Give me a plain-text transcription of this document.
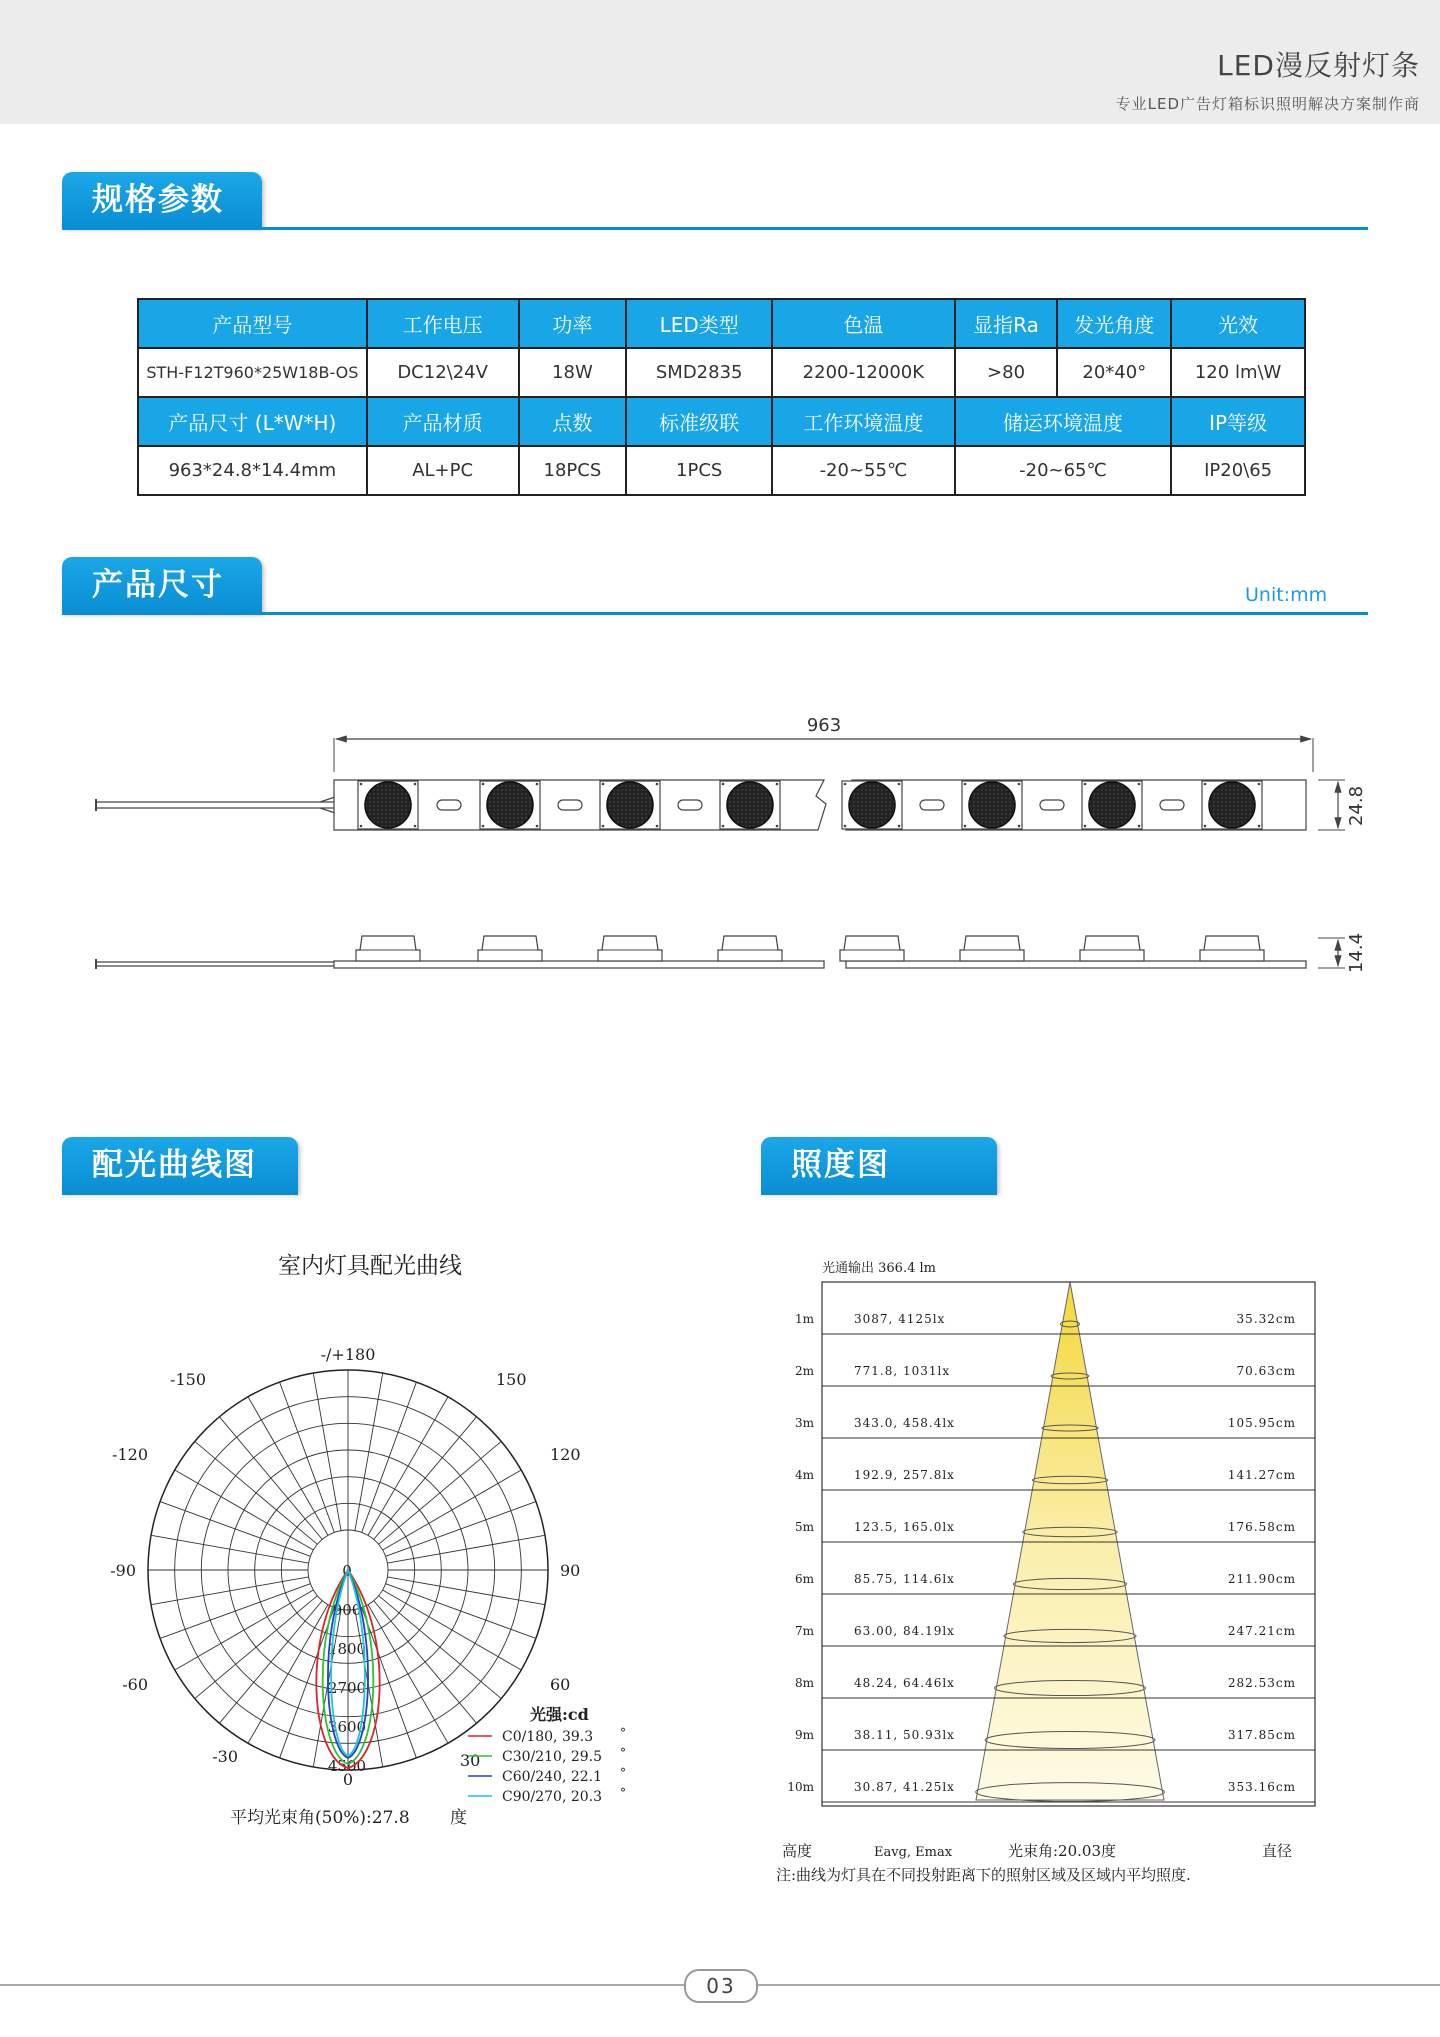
LED漫反射灯条
专业LED广告灯箱标识照明解决方案制作商
规格参数
产品型号	工作电压	功率	LED类型	色温	显指Ra	发光角度	光效
STH-F12T960*25W18B-OS	DC12\24V	18W	SMD2835	2200-12000K	>80	20*40°	120 lm\W
产品尺寸 (L*W*H)	产品材质	点数	标准级联	工作环境温度	储运环境温度		IP等级
963*24.8*14.4mm	AL+PC	18PCS	1PCS	-20~55℃	-20~65℃		IP20\65
产品尺寸	Unit:mm
963
24.8
14.4
配光曲线图	照度图
室内灯具配光曲线
-/+180
-150	150
-120	120
-90	90
-60	60
-30	30
0
0
900
1800
2700
3600
4500
光强:cd
C0/180, 39.3 °
C30/210, 29.5 °
C60/240, 22.1 °
C90/270, 20.3 °
平均光束角(50%):27.8 度
光通输出 366.4 lm
1m	3087, 4125lx	35.32cm
2m	771.8, 1031lx	70.63cm
3m	343.0, 458.4lx	105.95cm
4m	192.9, 257.8lx	141.27cm
5m	123.5, 165.0lx	176.58cm
6m	85.75, 114.6lx	211.90cm
7m	63.00, 84.19lx	247.21cm
8m	48.24, 64.46lx	282.53cm
9m	38.11, 50.93lx	317.85cm
10m	30.87, 41.25lx	353.16cm
高度	Eavg, Emax	光束角:20.03度	直径
注:曲线为灯具在不同投射距离下的照射区域及区域内平均照度.
03
